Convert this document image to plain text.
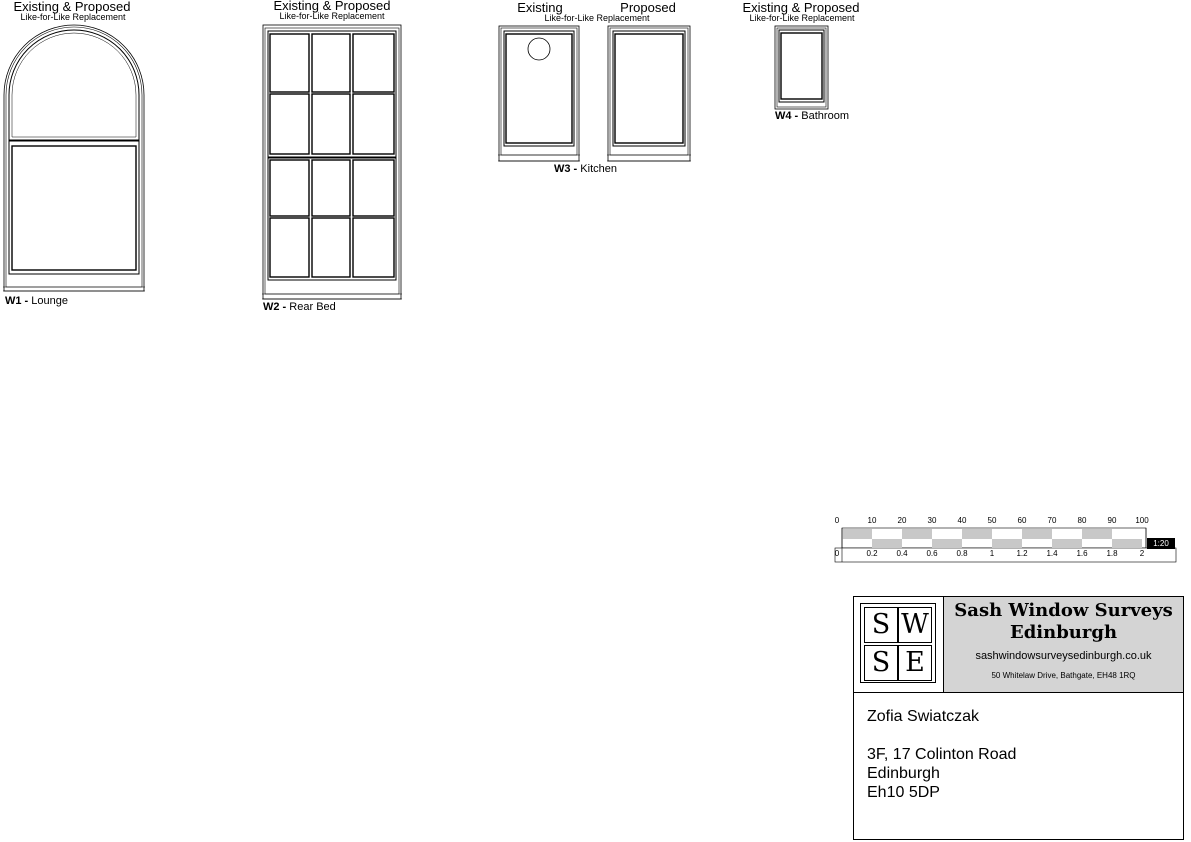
Existing & Proposed
Like-for-Like Replacement
Existing & Proposed
Like-for-Like Replacement
Existing	Proposed
Like-for-Like Replacement
Existing & Proposed
Like-for-Like Replacement
0	10	20	30	40	50	60	70	80	90 100
0	0.2 0.4 0.6 0.8	1	1.2 1.4 1.6 1.8	2
1:20
W1 - Lounge	W2 - Rear Bed
W3 - Kitchen
W4 - Bathroom
S W
S E
Sash Window Surveys
Edinburgh
sashwindowsurveysedinburgh.co.uk
50 Whitelaw Drive, Bathgate, EH48 1RQ
Zofia Swiatczak
3F, 17 Colinton Road
Edinburgh
Eh10 5DP
